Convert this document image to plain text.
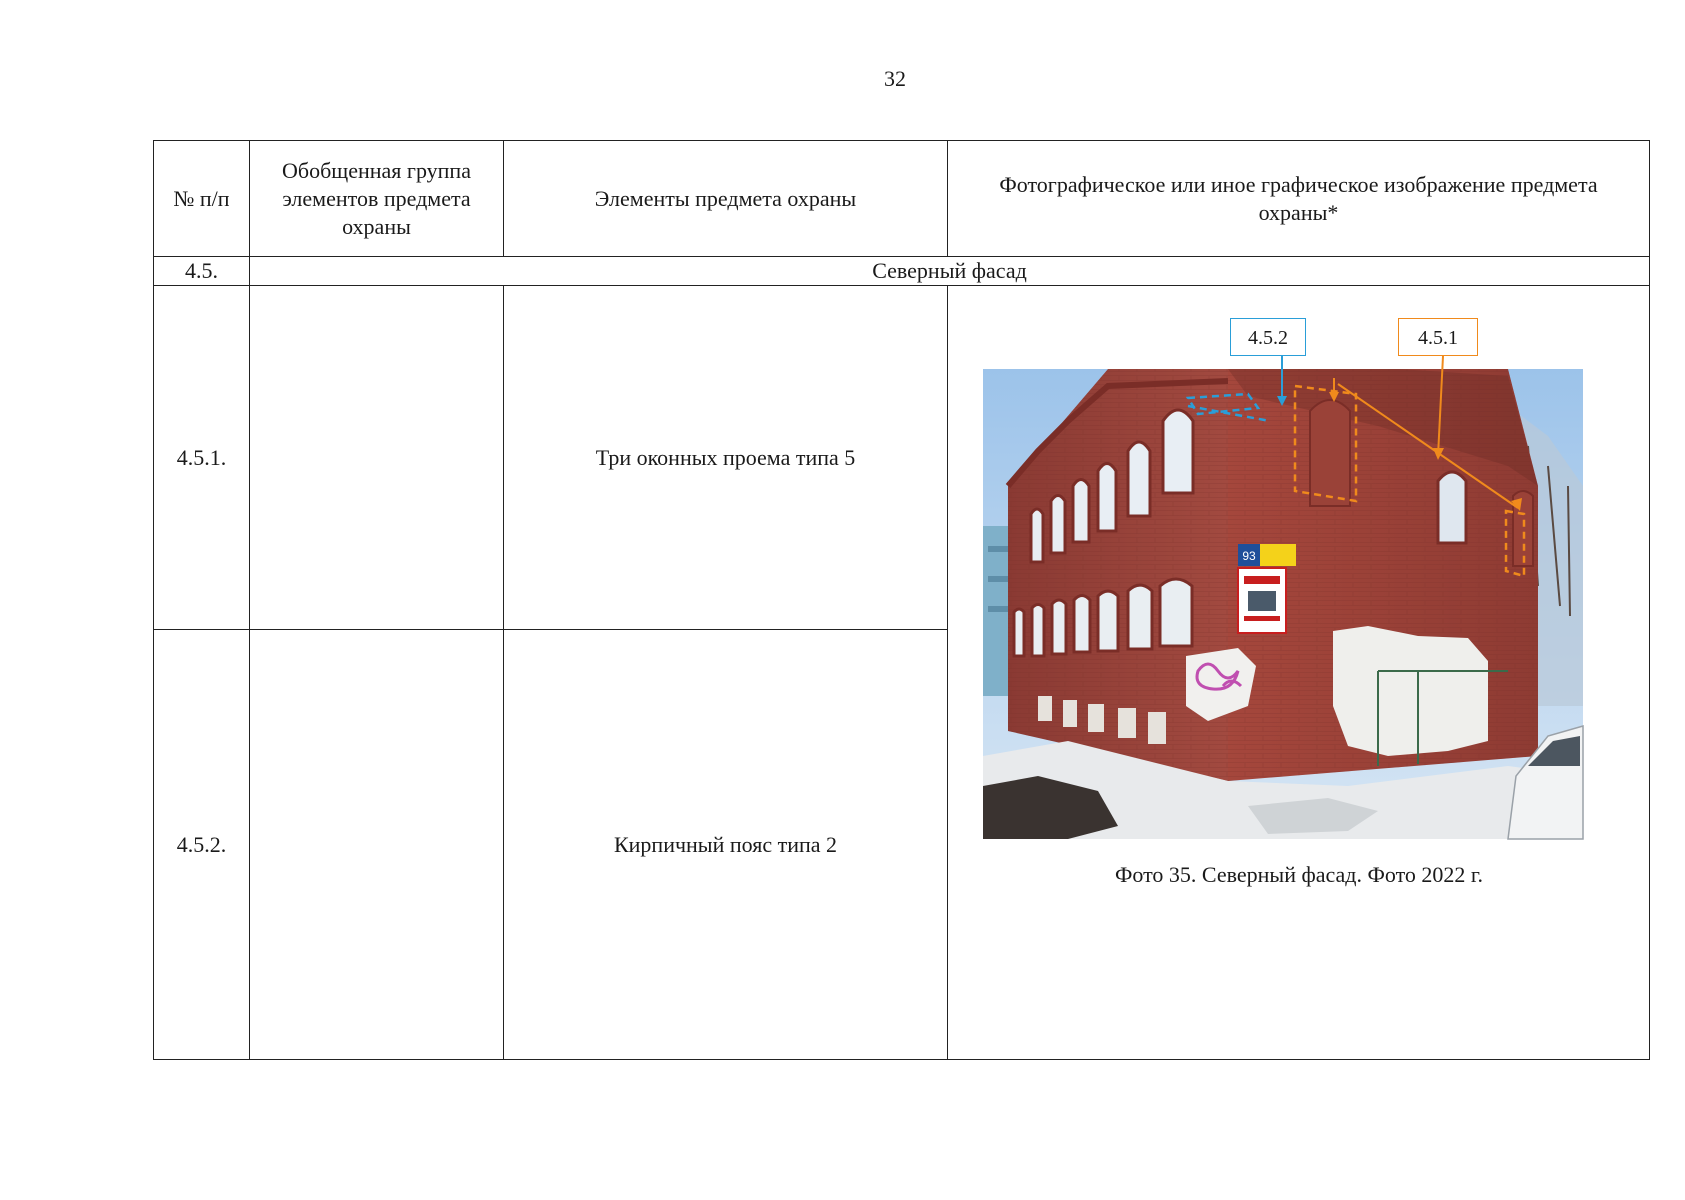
32
№ п/п	Обобщенная группа элементов предмета охраны	Элементы предмета охраны	Фотографическое или иное графическое изображение предмета охраны*
4.5.	Северный фасад		
4.5.1.		Три оконных проема типа 5	93
4.5.2 4.5.1
Фото 35. Северный фасад. Фото 2022 г.

4.5.2.		Кирпичный пояс типа 2	
